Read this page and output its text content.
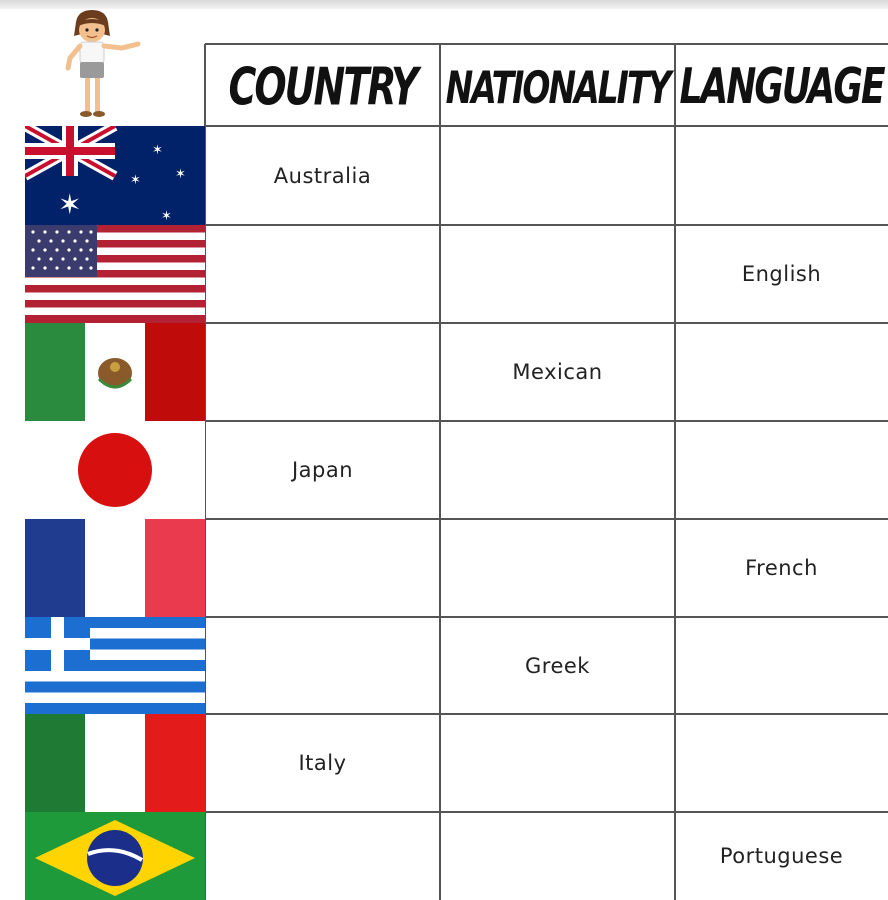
COUNTRY NATIONALITY LANGUAGE
✶
✶
✶	✶
✶
Australia
English
Mexican
Japan
French
Greek
Italy
Portuguese
